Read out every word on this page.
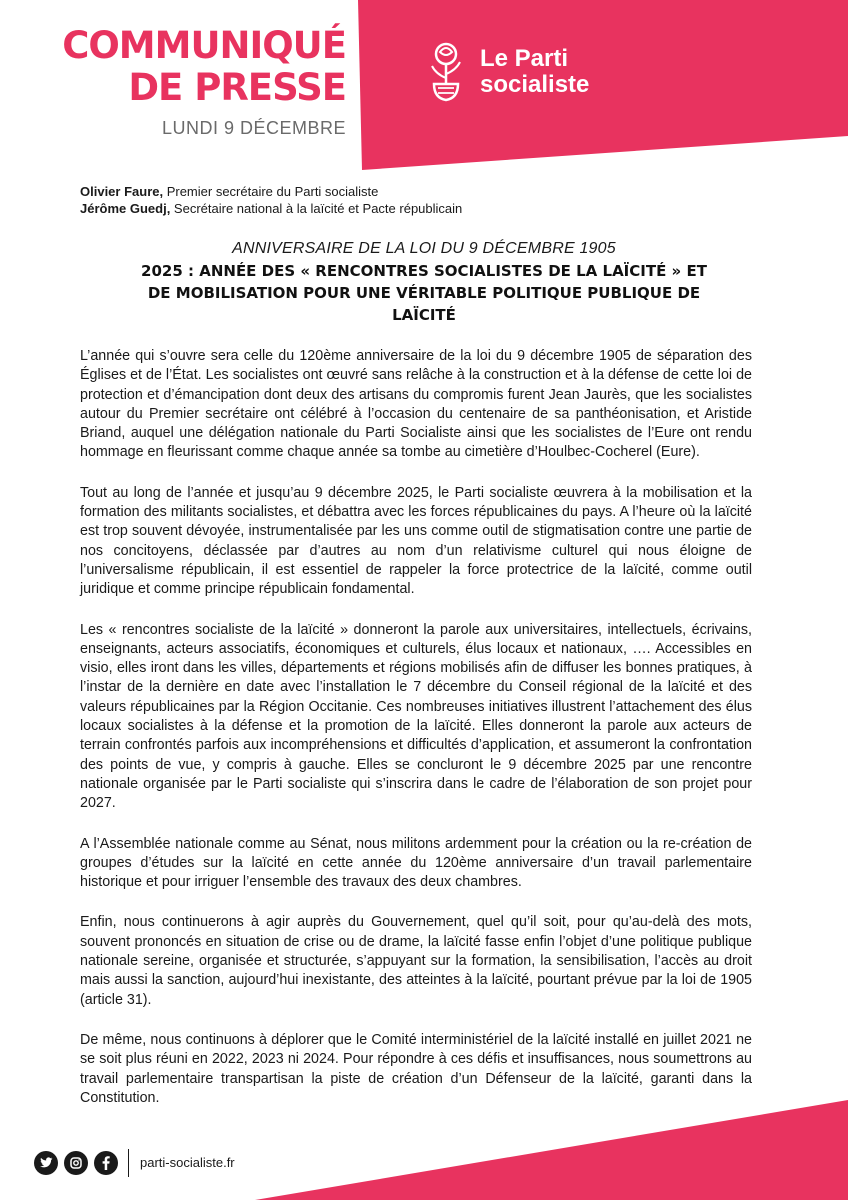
COMMUNIQUÉ
DE PRESSE
LUNDI 9 DÉCEMBRE
Le Parti
socialiste
Olivier Faure, Premier secrétaire du Parti socialiste
Jérôme Guedj, Secrétaire national à la laïcité et Pacte républicain
ANNIVERSAIRE DE LA LOI DU 9 DÉCEMBRE 1905
2025 : ANNÉE DES « RENCONTRES SOCIALISTES DE LA LAÏCITÉ » ET DE MOBILISATION POUR UNE VÉRITABLE POLITIQUE PUBLIQUE DE LAÏCITÉ

L’année qui s’ouvre sera celle du 120ème anniversaire de la loi du 9 décembre 1905 de séparation des Églises et de l’État. Les socialistes ont œuvré sans relâche à la construction et à la défense de cette loi de protection et d’émancipation dont deux des artisans du compromis furent Jean Jaurès, que les socialistes autour du Premier secrétaire ont célébré à l’occasion du centenaire de sa panthéonisation, et Aristide Briand, auquel une délégation nationale du Parti Socialiste ainsi que les socialistes de l’Eure ont rendu hommage en fleurissant comme chaque année sa tombe au cimetière d’Houlbec-Cocherel (Eure).

Tout au long de l’année et jusqu’au 9 décembre 2025, le Parti socialiste œuvrera à la mobilisation et la formation des militants socialistes, et débattra avec les forces républicaines du pays. A l’heure où la laïcité est trop souvent dévoyée, instrumentalisée par les uns comme outil de stigmatisation contre une partie de nos concitoyens, déclassée par d’autres au nom d’un relativisme culturel qui nous éloigne de l’universalisme républicain, il est essentiel de rappeler la force protectrice de la laïcité, comme outil juridique et comme principe républicain fondamental.

Les « rencontres socialiste de la laïcité » donneront la parole aux universitaires, intellectuels, écrivains, enseignants, acteurs associatifs, économiques et culturels, élus locaux et nationaux, …. Accessibles en visio, elles iront dans les villes, départements et régions mobilisés afin de diffuser les bonnes pratiques, à l’instar de la dernière en date avec l’installation le 7 décembre du Conseil régional de la laïcité et des valeurs républicaines par la Région Occitanie. Ces nombreuses initiatives illustrent l’attachement des élus locaux socialistes à la défense et la promotion de la laïcité. Elles donneront la parole aux acteurs de terrain confrontés parfois aux incompréhensions et difficultés d’application, et assumeront la confrontation des points de vue, y compris à gauche. Elles se concluront le 9 décembre 2025 par une rencontre nationale organisée par le Parti socialiste qui s’inscrira dans le cadre de l’élaboration de son projet pour 2027.

A l’Assemblée nationale comme au Sénat, nous militons ardemment pour la création ou la re-création de groupes d’études sur la laïcité en cette année du 120ème anniversaire d’un travail parlementaire historique et pour irriguer l’ensemble des travaux des deux chambres.

Enfin, nous continuerons à agir auprès du Gouvernement, quel qu’il soit, pour qu’au-delà des mots, souvent prononcés en situation de crise ou de drame, la laïcité fasse enfin l’objet d’une politique publique nationale sereine, organisée et structurée, s’appuyant sur la formation, la sensibilisation, l’accès au droit mais aussi la sanction, aujourd’hui inexistante, des atteintes à la laïcité, pourtant prévue par la loi de 1905 (article 31).

De même, nous continuons à déplorer que le Comité interministériel de la laïcité installé en juillet 2021 ne se soit plus réuni en 2022, 2023 ni 2024. Pour répondre à ces défis et insuffisances, nous soumettrons au travail parlementaire transpartisan la piste de création d’un Défenseur de la laïcité, garanti dans la Constitution.

parti-socialiste.fr
